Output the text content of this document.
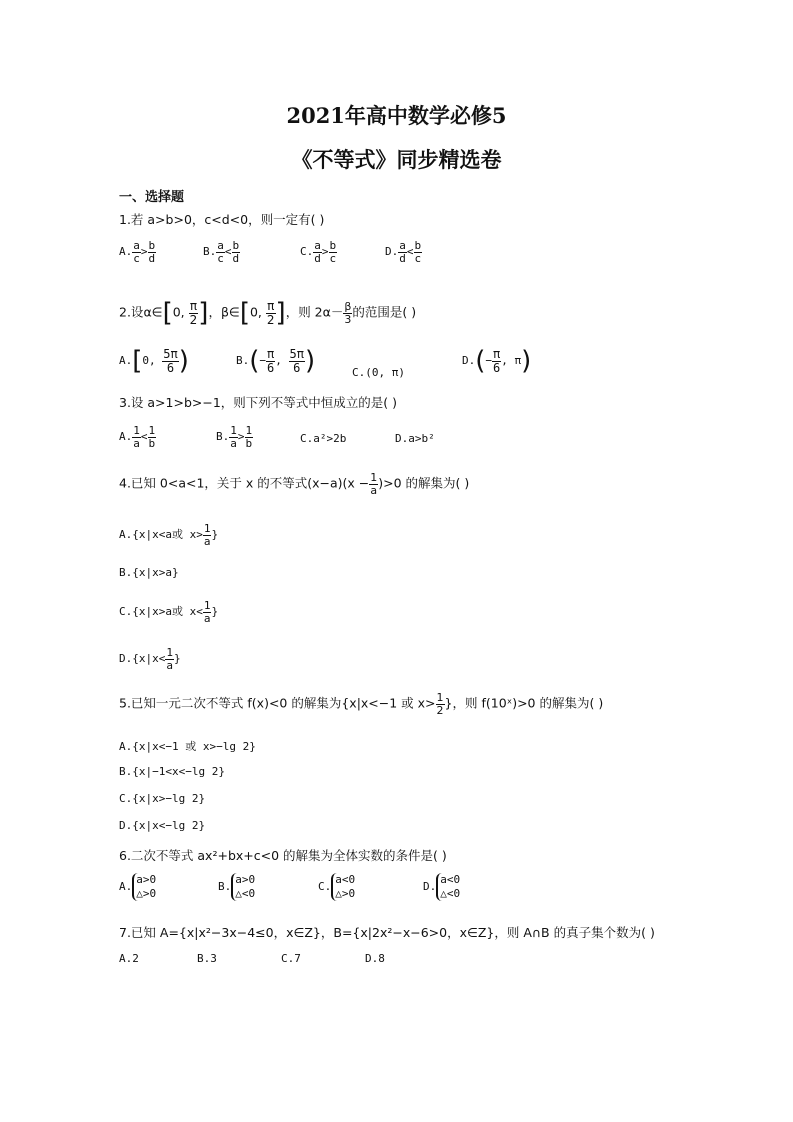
2021年高中数学必修5
《不等式》同步精选卷
一、选择题
1.若 a>b>0，c<d<0，则一定有( )
A. $\frac{a}{c} > \frac{b}{d}$	B. $\frac{a}{c} < \frac{b}{d}$	C. $\frac{a}{d} > \frac{b}{c}$	D. $\frac{a}{d} < \frac{b}{c}$
2.设α∈[0, $\frac{\pi}{2}$ ]，β∈[0, $\frac{\pi}{2}$ ]，则 $2\alpha- \frac{\beta}{3}$ 的范围是( )
A.[0, $\frac{5\pi}{6}$ )	$B.(- \frac{\pi}{6}$ , $\frac{5\pi}{6}$ )	C.(0, π)
$D.(- \frac{\pi}{6}$ , π)
3.设 a>1>b>−1，则下列不等式中恒成立的是( )
A. $\frac{1}{a} < \frac{1}{b}$	B. $\frac{1}{a} > \frac{1}{b}$	C.a²>2b	D.a>b²
4.已知 0<a<1，关于 x 的不等式$(x-a)(x - \frac{1}{a} )>0$ 的解集为( )
A.{x|x<a或 $x> \frac{1}{a}$ }
B.{x|x>a}
C.{x|x>a或 $x< \frac{1}{a}$ }
$D.\{x|x< \frac{1}{a}$ }
5.已知一元二次不等式 f(x)<0 的解集为{x|x<−1 或 $x> \frac{1}{2}$ }，则 f(10ˣ)>0 的解集为( )
A.{x|x<−1 或 x>−lg 2}
B.{x|−1<x<−lg 2}
C.{x|x>−lg 2}
D.{x|x<−lg 2}
6.二次不等式 ax²+bx+c<0 的解集为全体实数的条件是( )
A.
a>0
△>0
B.
a>0
△<0
C.
a<0
△>0
D.
a<0
△<0
7.已知 A={x|x²−3x−4≤0，x∈Z}，B={x|2x²−x−6>0，x∈Z}，则 A∩B 的真子集个数为( )
A.2	B.3	C.7	D.8
